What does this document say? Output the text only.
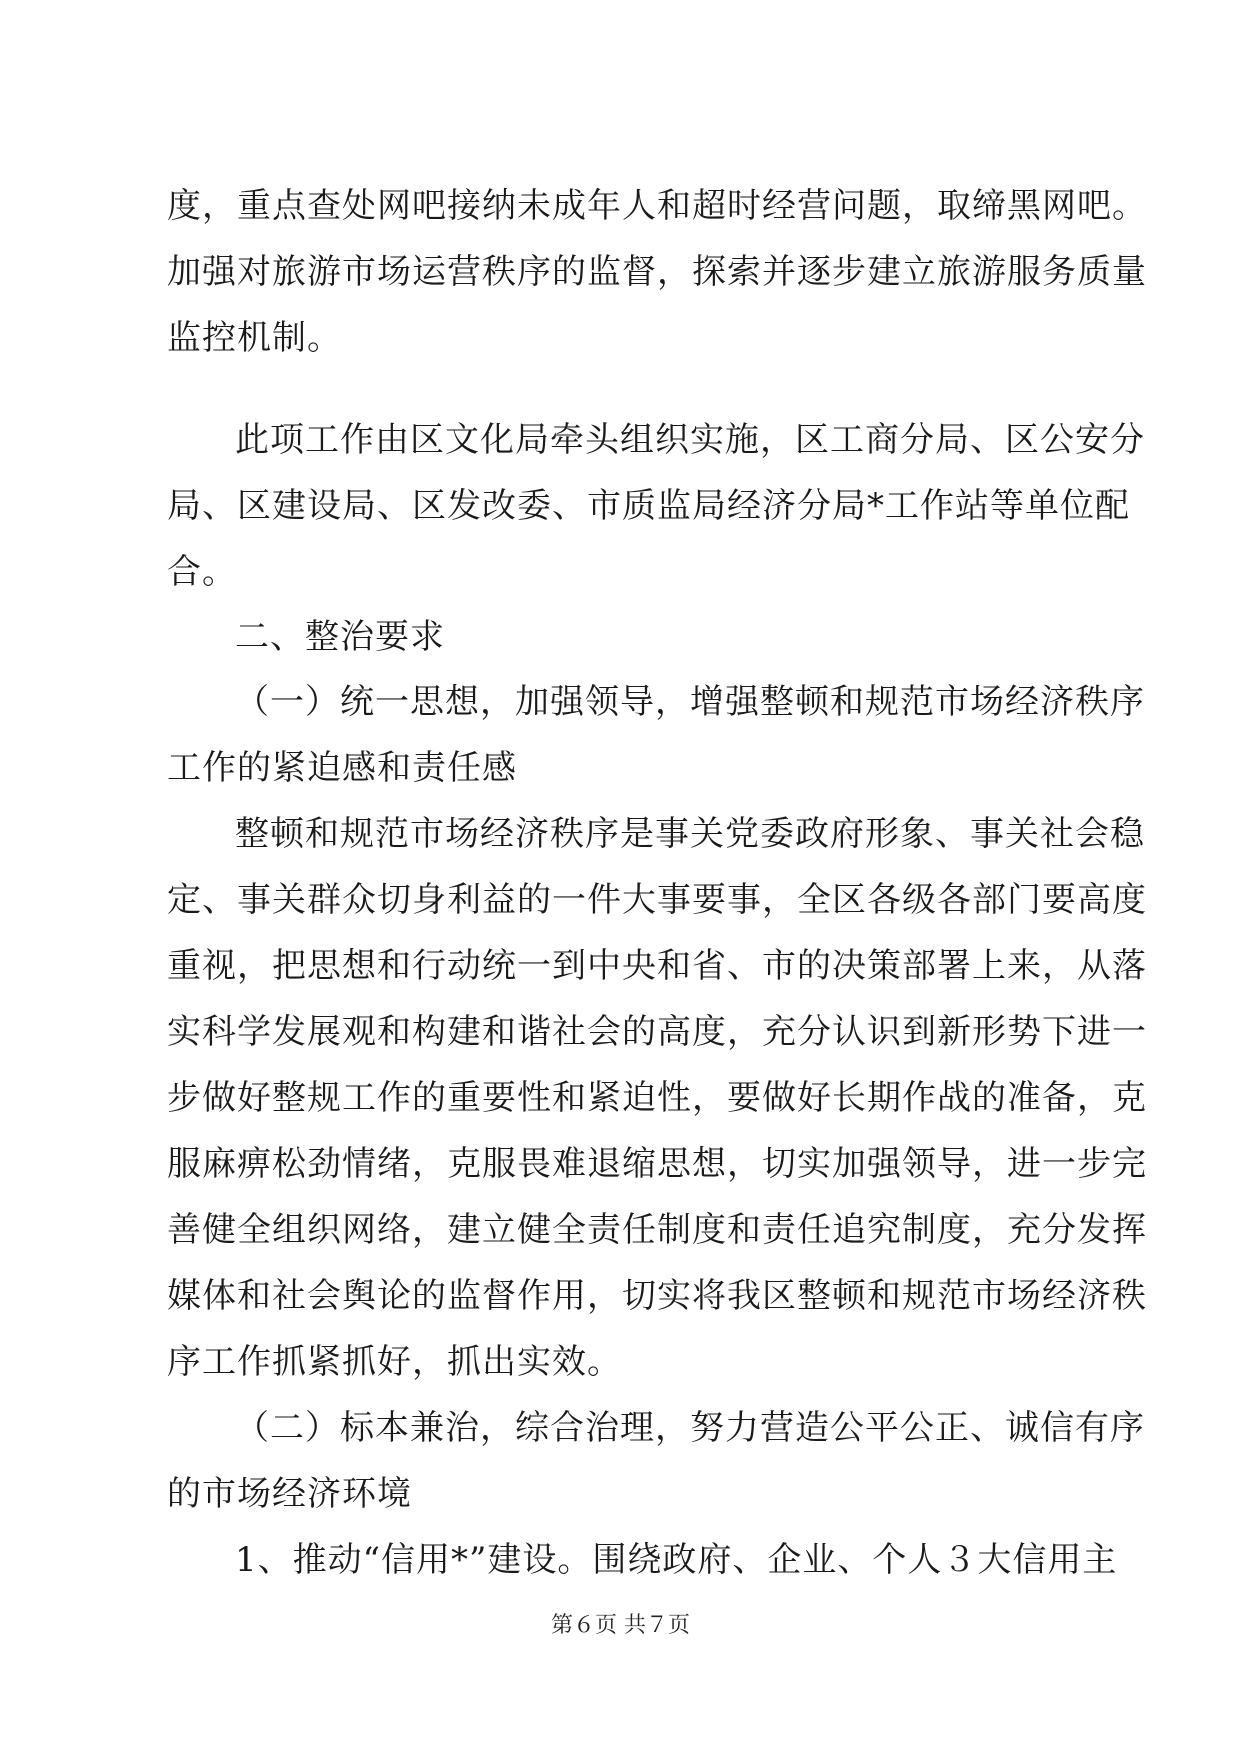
度，重点查处网吧接纳未成年人和超时经营问题，取缔黑网吧。
加强对旅游市场运营秩序的监督，探索并逐步建立旅游服务质量
监控机制。
此项工作由区文化局牵头组织实施，区工商分局、区公安分
局、区建设局、区发改委、市质监局经济分局*工作站等单位配
合。
二、整治要求
（一）统一思想，加强领导，增强整顿和规范市场经济秩序
工作的紧迫感和责任感
整顿和规范市场经济秩序是事关党委政府形象、事关社会稳
定、事关群众切身利益的一件大事要事，全区各级各部门要高度
重视，把思想和行动统一到中央和省、市的决策部署上来，从落
实科学发展观和构建和谐社会的高度，充分认识到新形势下进一
步做好整规工作的重要性和紧迫性，要做好长期作战的准备，克
服麻痹松劲情绪，克服畏难退缩思想，切实加强领导，进一步完
善健全组织网络，建立健全责任制度和责任追究制度，充分发挥
媒体和社会舆论的监督作用，切实将我区整顿和规范市场经济秩
序工作抓紧抓好，抓出实效。
（二）标本兼治，综合治理，努力营造公平公正、诚信有序
的市场经济环境
1、推动“信用*”建设。围绕政府、企业、个人３大信用主
第６页 共７页
